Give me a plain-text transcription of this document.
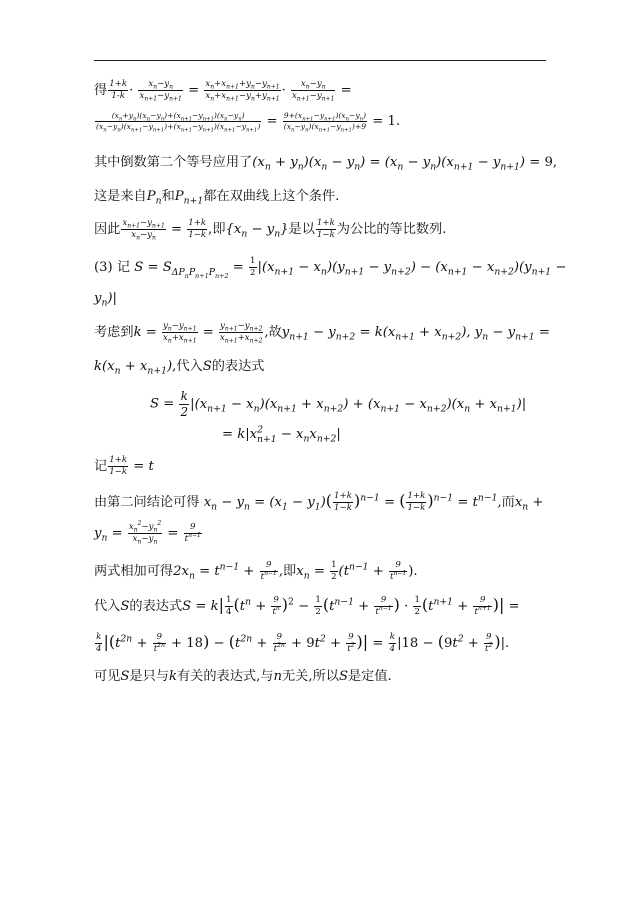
得 $\frac{1+k}{1-k} \cdot \frac{x_n-y_n}{x_{n+1}-y_{n+1}} = \frac{x_n+x_{n+1}+y_n-y_{n+1}}{x_n+x_{n+1}-y_n+y_{n+1}} \cdot \frac{x_n-y_n}{x_{n+1}-y_{n+1}}$ =
$\frac{(x_n+y_n)(x_n-y_n)+(x_{n+1}-y_{n+1})(x_n-y_n)}{(x_n-y_n)(x_{n+1}-y_{n+1})+(x_{n+1}-y_{n+1})(x_{n+1}-y_{n+1})} = \frac{9+(x_{n+1}-y_{n+1})(x_n-y_n)}{(x_n-y_n)(x_{n+1}-y_{n+1})+9} = 1$.
其中倒数第二个等号应用了$(x_n + y_n)(x_n - y_n) = (x_n - y_n)(x_{n+1} - y_{n+1}) = 9$,
这是来自$P_n$和$P_{n+1}$都在双曲线上这个条件.
因此 $\frac{x_{n+1}-y_{n+1}}{x_n-y_n} = \frac{1+k}{1-k}$ ,即$\{x_n - y_n\}$是以 $\frac{1+k}{1-k}$ 为公比的等比数列.
(3) 记 $S = S_{\Delta P_nP_{n+1}P_{n+2}} = \frac{1}{2} |(x_{n+1} - x_n)(y_{n+1} - y_{n+2}) - (x_{n+1} - x_{n+2})(y_{n+1}$ −
$y_n)|$
考虑到$k = \frac{y_n-y_{n+1}}{x_n+x_{n+1}} = \frac{y_{n+1}-y_{n+2}}{x_{n+1}+x_{n+2}}$ ,故$y_{n+1} - y_{n+2} = k(x_{n+1} + x_{n+2})$, $y_n - y_{n+1}$ =
$k(x_n + x_{n+1})$,代入S的表达式
$S = \frac{k}{2} |(x_{n+1} - x_n)(x_{n+1} + x_{n+2}) + (x_{n+1} - x_{n+2})(x_n + x_{n+1})|$
= $k|x^2_{n+1} - x_nx_{n+2}|$
记 $\frac{1+k}{1-k} = t$
由第二问结论可得 $x_n - y_n = (x_1 - y_1)( \frac{1+k}{1-k} )^{n-1}$ = ( $\frac{1+k}{1-k} )^{n-1} = t^{n-1}$,而$x_n$ +
$y_n = \frac{x_n^2-y_n^2}{x_n-y_n} = \frac{9}{t^{n-1}}$
两式相加可得$2x_n = t^{n-1} + \frac{9}{t^{n-1}}$ ,即$x_n = \frac{1}{2} (t^{n-1} + \frac{9}{t^{n-1}}$ ).
代入S的表达式$S = k| \frac{1}{4} (t^n + \frac{9}{t^n} )^2 - \frac{1}{2} (t^{n-1} + \frac{9}{t^{n-1}}$ ) · $\frac{1}{2} (t^{n+1} + \frac{9}{t^{n+1}}$ )| =
$\frac{k}{4} |(t^{2n} + \frac{9}{t^{2n}} + 18) - (t^{2n} + \frac{9}{t^{2n}} + 9t^2 + \frac{9}{t^2}$ )| = $\frac{k}{4} |18 - (9t^2 + \frac{9}{t^2}$ )|.
可见S是只与k有关的表达式,与n无关,所以S是定值.
